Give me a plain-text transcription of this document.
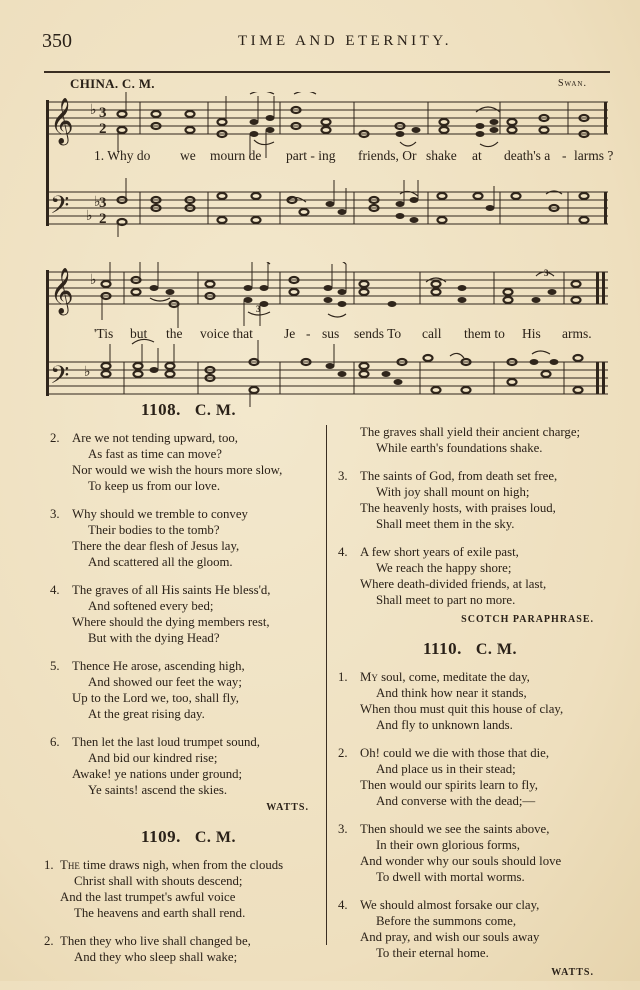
350	TIME AND ETERNITY.
CHINA. C. M.	Swan.
𝄞
𝄢
♭
♭
♭
3
2
3
2
1. Why do we mourn de part - ing friends, Or shake at death's a - larms ?
𝄞
𝄢
♭
♭
3
3
'Tis but the voice that Je - sus sends To call them to His arms.
1108. C. M.
2. Are we not tending upward, too,
As fast as time can move?
Nor would we wish the hours more slow,
To keep us from our love.
3. Why should we tremble to convey
Their bodies to the tomb?
There the dear flesh of Jesus lay,
And scattered all the gloom.
4. The graves of all His saints He bless'd,
And softened every bed;
Where should the dying members rest,
But with the dying Head?
5. Thence He arose, ascending high,
And showed our feet the way;
Up to the Lord we, too, shall fly,
At the great rising day.
6. Then let the last loud trumpet sound,
And bid our kindred rise;
Awake! ye nations under ground;
Ye saints! ascend the skies.
WATTS.
1109. C. M.
1. The time draws nigh, when from the clouds
Christ shall with shouts descend;
And the last trumpet's awful voice
The heavens and earth shall rend.
2. Then they who live shall changed be,
And they who sleep shall wake;
The graves shall yield their ancient charge;
While earth's foundations shake.
3. The saints of God, from death set free,
With joy shall mount on high;
The heavenly hosts, with praises loud,
Shall meet them in the sky.
4. A few short years of exile past,
We reach the happy shore;
Where death-divided friends, at last,
Shall meet to part no more.
SCOTCH PARAPHRASE.
1110. C. M.
1. My soul, come, meditate the day,
And think how near it stands,
When thou must quit this house of clay,
And fly to unknown lands.
2. Oh! could we die with those that die,
And place us in their stead;
Then would our spirits learn to fly,
And converse with the dead;—
3. Then should we see the saints above,
In their own glorious forms,
And wonder why our souls should love
To dwell with mortal worms.
4. We should almost forsake our clay,
Before the summons come,
And pray, and wish our souls away
To their eternal home.
WATTS.
